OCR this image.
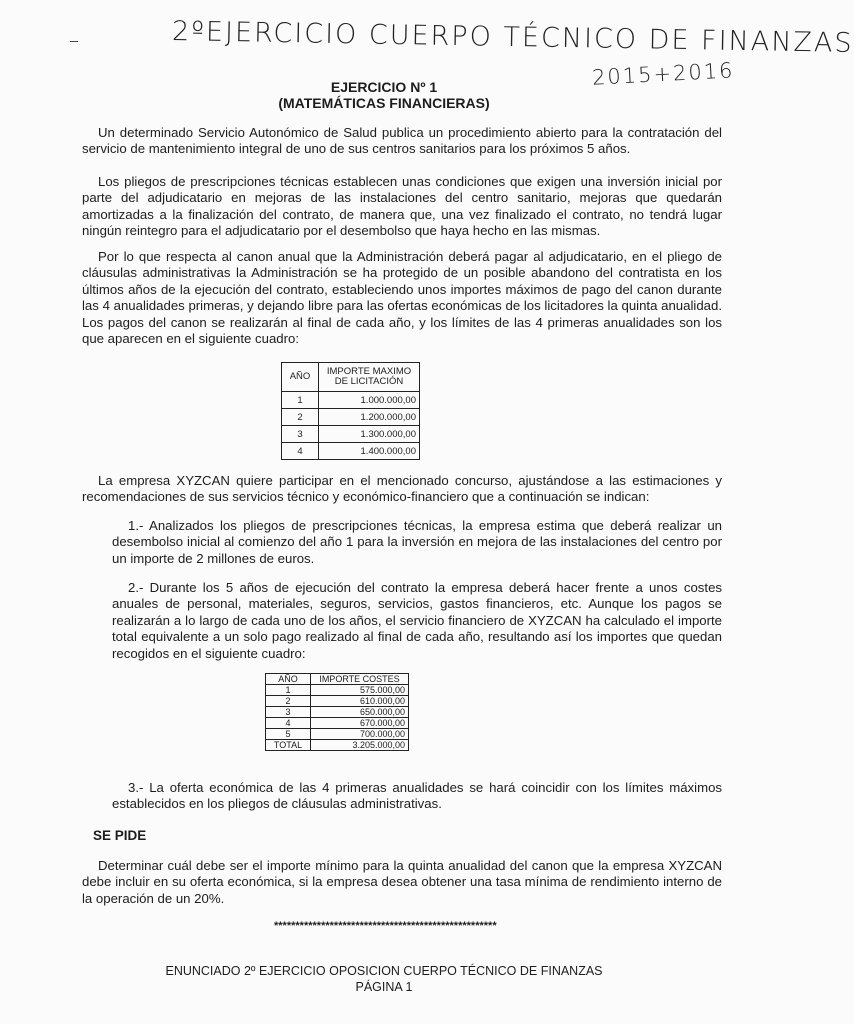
2ºEJERCICIO CUERPO TÉCNICO DE FINANZAS
2015+2016
EJERCICIO Nº 1
(MATEMÁTICAS FINANCIERAS)
Un determinado Servicio Autonómico de Salud publica un procedimiento abierto para la contratación del servicio de mantenimiento integral de uno de sus centros sanitarios para los próximos 5 años.
Los pliegos de prescripciones técnicas establecen unas condiciones que exigen una inversión inicial por parte del adjudicatario en mejoras de las instalaciones del centro sanitario, mejoras que quedarán amortizadas a la finalización del contrato, de manera que, una vez finalizado el contrato, no tendrá lugar ningún reintegro para el adjudicatario por el desembolso que haya hecho en las mismas.
Por lo que respecta al canon anual que la Administración deberá pagar al adjudicatario, en el pliego de cláusulas administrativas la Administración se ha protegido de un posible abandono del contratista en los últimos años de la ejecución del contrato, estableciendo unos importes máximos de pago del canon durante las 4 anualidades primeras, y dejando libre para las ofertas económicas de los licitadores la quinta anualidad. Los pagos del canon se realizarán al final de cada año, y los límites de las 4 primeras anualidades son los que aparecen en el siguiente cuadro:
AÑO	IMPORTE MAXIMO DE LICITACIÓN
1	1.000.000,00
2	1.200.000,00
3	1.300.000,00
4	1.400.000,00
La empresa XYZCAN quiere participar en el mencionado concurso, ajustándose a las estimaciones y recomendaciones de sus servicios técnico y económico-financiero que a continuación se indican:
1.- Analizados los pliegos de prescripciones técnicas, la empresa estima que deberá realizar un desembolso inicial al comienzo del año 1 para la inversión en mejora de las instalaciones del centro por un importe de 2 millones de euros.
2.- Durante los 5 años de ejecución del contrato la empresa deberá hacer frente a unos costes anuales de personal, materiales, seguros, servicios, gastos financieros, etc. Aunque los pagos se realizarán a lo largo de cada uno de los años, el servicio financiero de XYZCAN ha calculado el importe total equivalente a un solo pago realizado al final de cada año, resultando así los importes que quedan recogidos en el siguiente cuadro:
AÑO	IMPORTE COSTES
1	575.000,00
2	610.000,00
3	650.000,00
4	670.000,00
5	700.000,00
TOTAL	3.205.000,00
3.- La oferta económica de las 4 primeras anualidades se hará coincidir con los límites máximos establecidos en los pliegos de cláusulas administrativas.
SE PIDE
Determinar cuál debe ser el importe mínimo para la quinta anualidad del canon que la empresa XYZCAN debe incluir en su oferta económica, si la empresa desea obtener una tasa mínima de rendimiento interno de la operación de un 20%.
****************************************************
ENUNCIADO 2º EJERCICIO OPOSICION CUERPO TÉCNICO DE FINANZAS
PÁGINA 1
